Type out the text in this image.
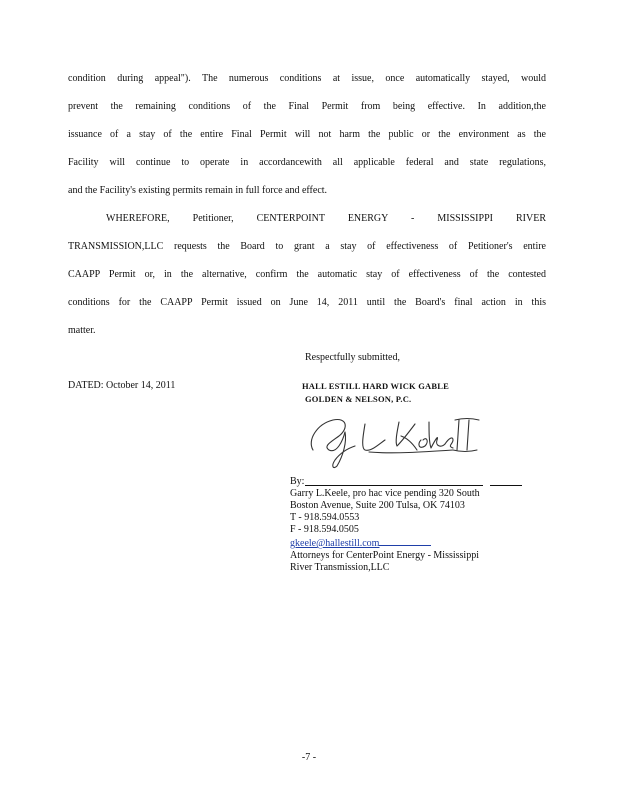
condition during appeal"). The numerous conditions at issue, once automatically stayed, would
prevent the remaining conditions of the Final Permit from being effective. In addition,the
issuance of a stay of the entire Final Permit will not harm the public or the environment as the
Facility will continue to operate in accordancewith all applicable federal and state regulations,
and the Facility's existing permits remain in full force and effect.
WHEREFORE, Petitioner, CENTERPOINT ENERGY - MISSISSIPPI RIVER
TRANSMISSION,LLC requests the Board to grant a stay of effectiveness of Petitioner's entire
CAAPP Permit or, in the alternative, confirm the automatic stay of effectiveness of the contested
conditions for the CAAPP Permit issued on June 14, 2011 until the Board's final action in this
matter.
Respectfully submitted,
DATED: October 14, 2011	HALL ESTILL HARD WICK GABLE
GOLDEN & NELSON, P.C.
By:
Garry L.Keele, pro hac vice pending 320 South
Boston Avenue, Suite 200 Tulsa, OK 74103
T - 918.594.0553
F - 918.594.0505
gkeele@hallestill.com
Attorneys for CenterPoint Energy - Mississippi
River Transmission,LLC
-7 -
